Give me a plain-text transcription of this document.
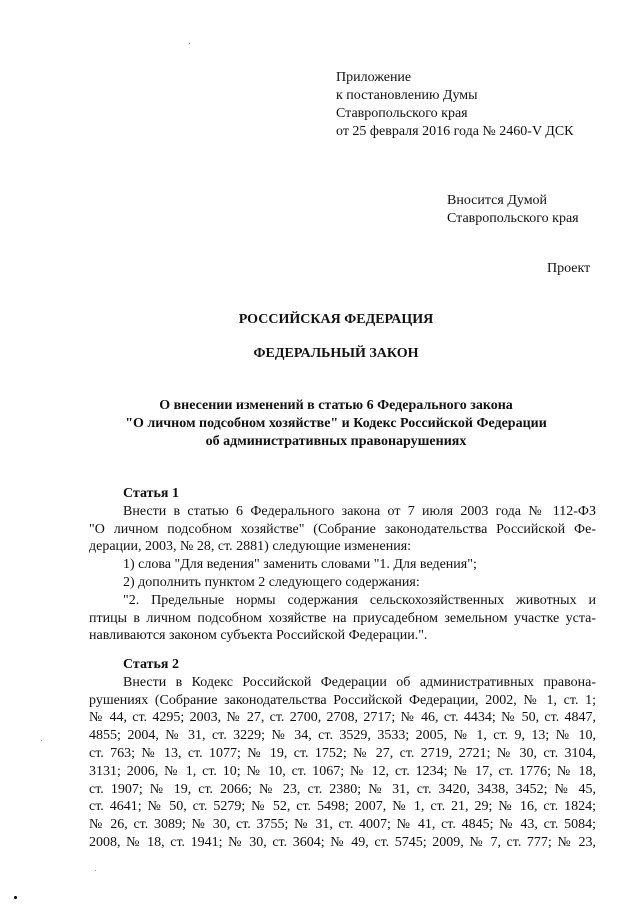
Приложение
к постановлению Думы
Ставропольского края
от 25 февраля 2016 года № 2460-V ДСК
Вносится Думой
Ставропольского края
Проект
РОССИЙСКАЯ ФЕДЕРАЦИЯ
ФЕДЕРАЛЬНЫЙ ЗАКОН
О внесении изменений в статью 6 Федерального закона
"О личном подсобном хозяйстве" и Кодекс Российской Федерации
об административных правонарушениях
Статья 1
Внести в статью 6 Федерального закона от 7 июля 2003 года № 112-ФЗ
"О личном подсобном хозяйстве" (Собрание законодательства Российской Фе-
дерации, 2003, № 28, ст. 2881) следующие изменения:
1) слова "Для ведения" заменить словами "1. Для ведения";
2) дополнить пунктом 2 следующего содержания:
"2. Предельные нормы содержания сельскохозяйственных животных и
птицы в личном подсобном хозяйстве на приусадебном земельном участке уста-
навливаются законом субъекта Российской Федерации.".
Статья 2
Внести в Кодекс Российской Федерации об административных правона-
рушениях (Собрание законодательства Российской Федерации, 2002, № 1, ст. 1;
№ 44, ст. 4295; 2003, № 27, ст. 2700, 2708, 2717; № 46, ст. 4434; № 50, ст. 4847,
4855; 2004, № 31, ст. 3229; № 34, ст. 3529, 3533; 2005, № 1, ст. 9, 13; № 10,
ст. 763; № 13, ст. 1077; № 19, ст. 1752; № 27, ст. 2719, 2721; № 30, ст. 3104,
3131; 2006, № 1, ст. 10; № 10, ст. 1067; № 12, ст. 1234; № 17, ст. 1776; № 18,
ст. 1907; № 19, ст. 2066; № 23, ст. 2380; № 31, ст. 3420, 3438, 3452; № 45,
ст. 4641; № 50, ст. 5279; № 52, ст. 5498; 2007, № 1, ст. 21, 29; № 16, ст. 1824;
№ 26, ст. 3089; № 30, ст. 3755; № 31, ст. 4007; № 41, ст. 4845; № 43, ст. 5084;
2008, № 18, ст. 1941; № 30, ст. 3604; № 49, ст. 5745; 2009, № 7, ст. 777; № 23,
